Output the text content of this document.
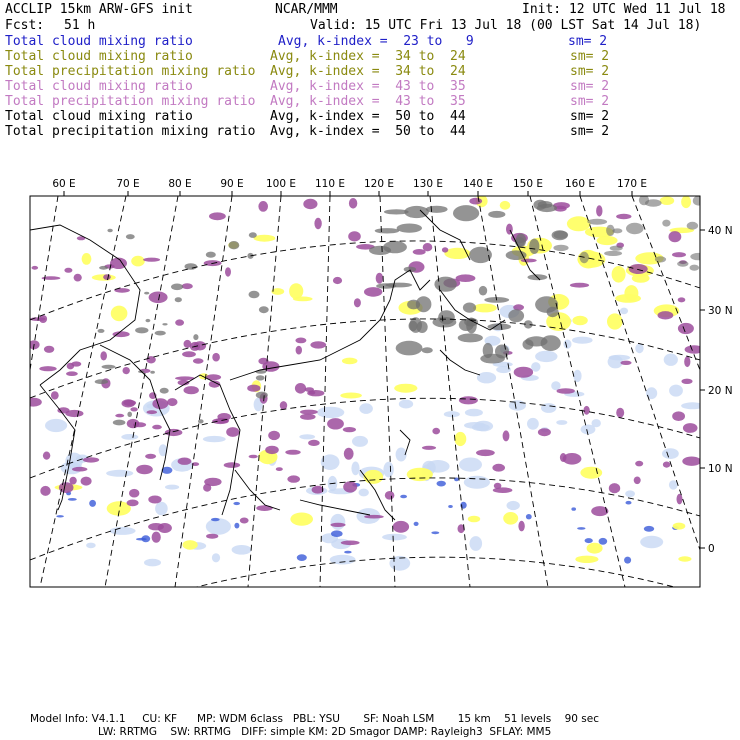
ACCLIP 15km ARW-GFS init	NCAR/MMM	Init: 12 UTC Wed 11 Jul 18
Fcst: 51 h	Valid: 15 UTC Fri 13 Jul 18 (00 LST Sat 14 Jul 18)
Total cloud mixing ratio	Avg, k-index =  23 to   9	sm= 2
Total cloud mixing ratio	Avg, k-index =  34 to  24	sm= 2
Total precipitation mixing ratio Avg, k-index =  34 to  24	sm= 2
Total cloud mixing ratio	Avg, k-index =  43 to  35	sm= 2
Total precipitation mixing ratio Avg, k-index =  43 to  35	sm= 2
Total cloud mixing ratio	Avg, k-index =  50 to  44	sm= 2
Total precipitation mixing ratio Avg, k-index =  50 to  44	sm= 2
60 E	70 E	80 E	90 E 100 E 110 E 120 E 130 E 140 E 150 E 160 E 170 E
40 N
30 N
20 N
10 N
0
Model Info: V4.1.1     CU: KF      MP: WDM 6class   PBL: YSU       SF: Noah LSM       15 km    51 levels    90 sec
LW: RRTMG    SW: RRTMG   DIFF: simple KM: 2D Smagor DAMP: Rayleigh3  SFLAY: MM5
